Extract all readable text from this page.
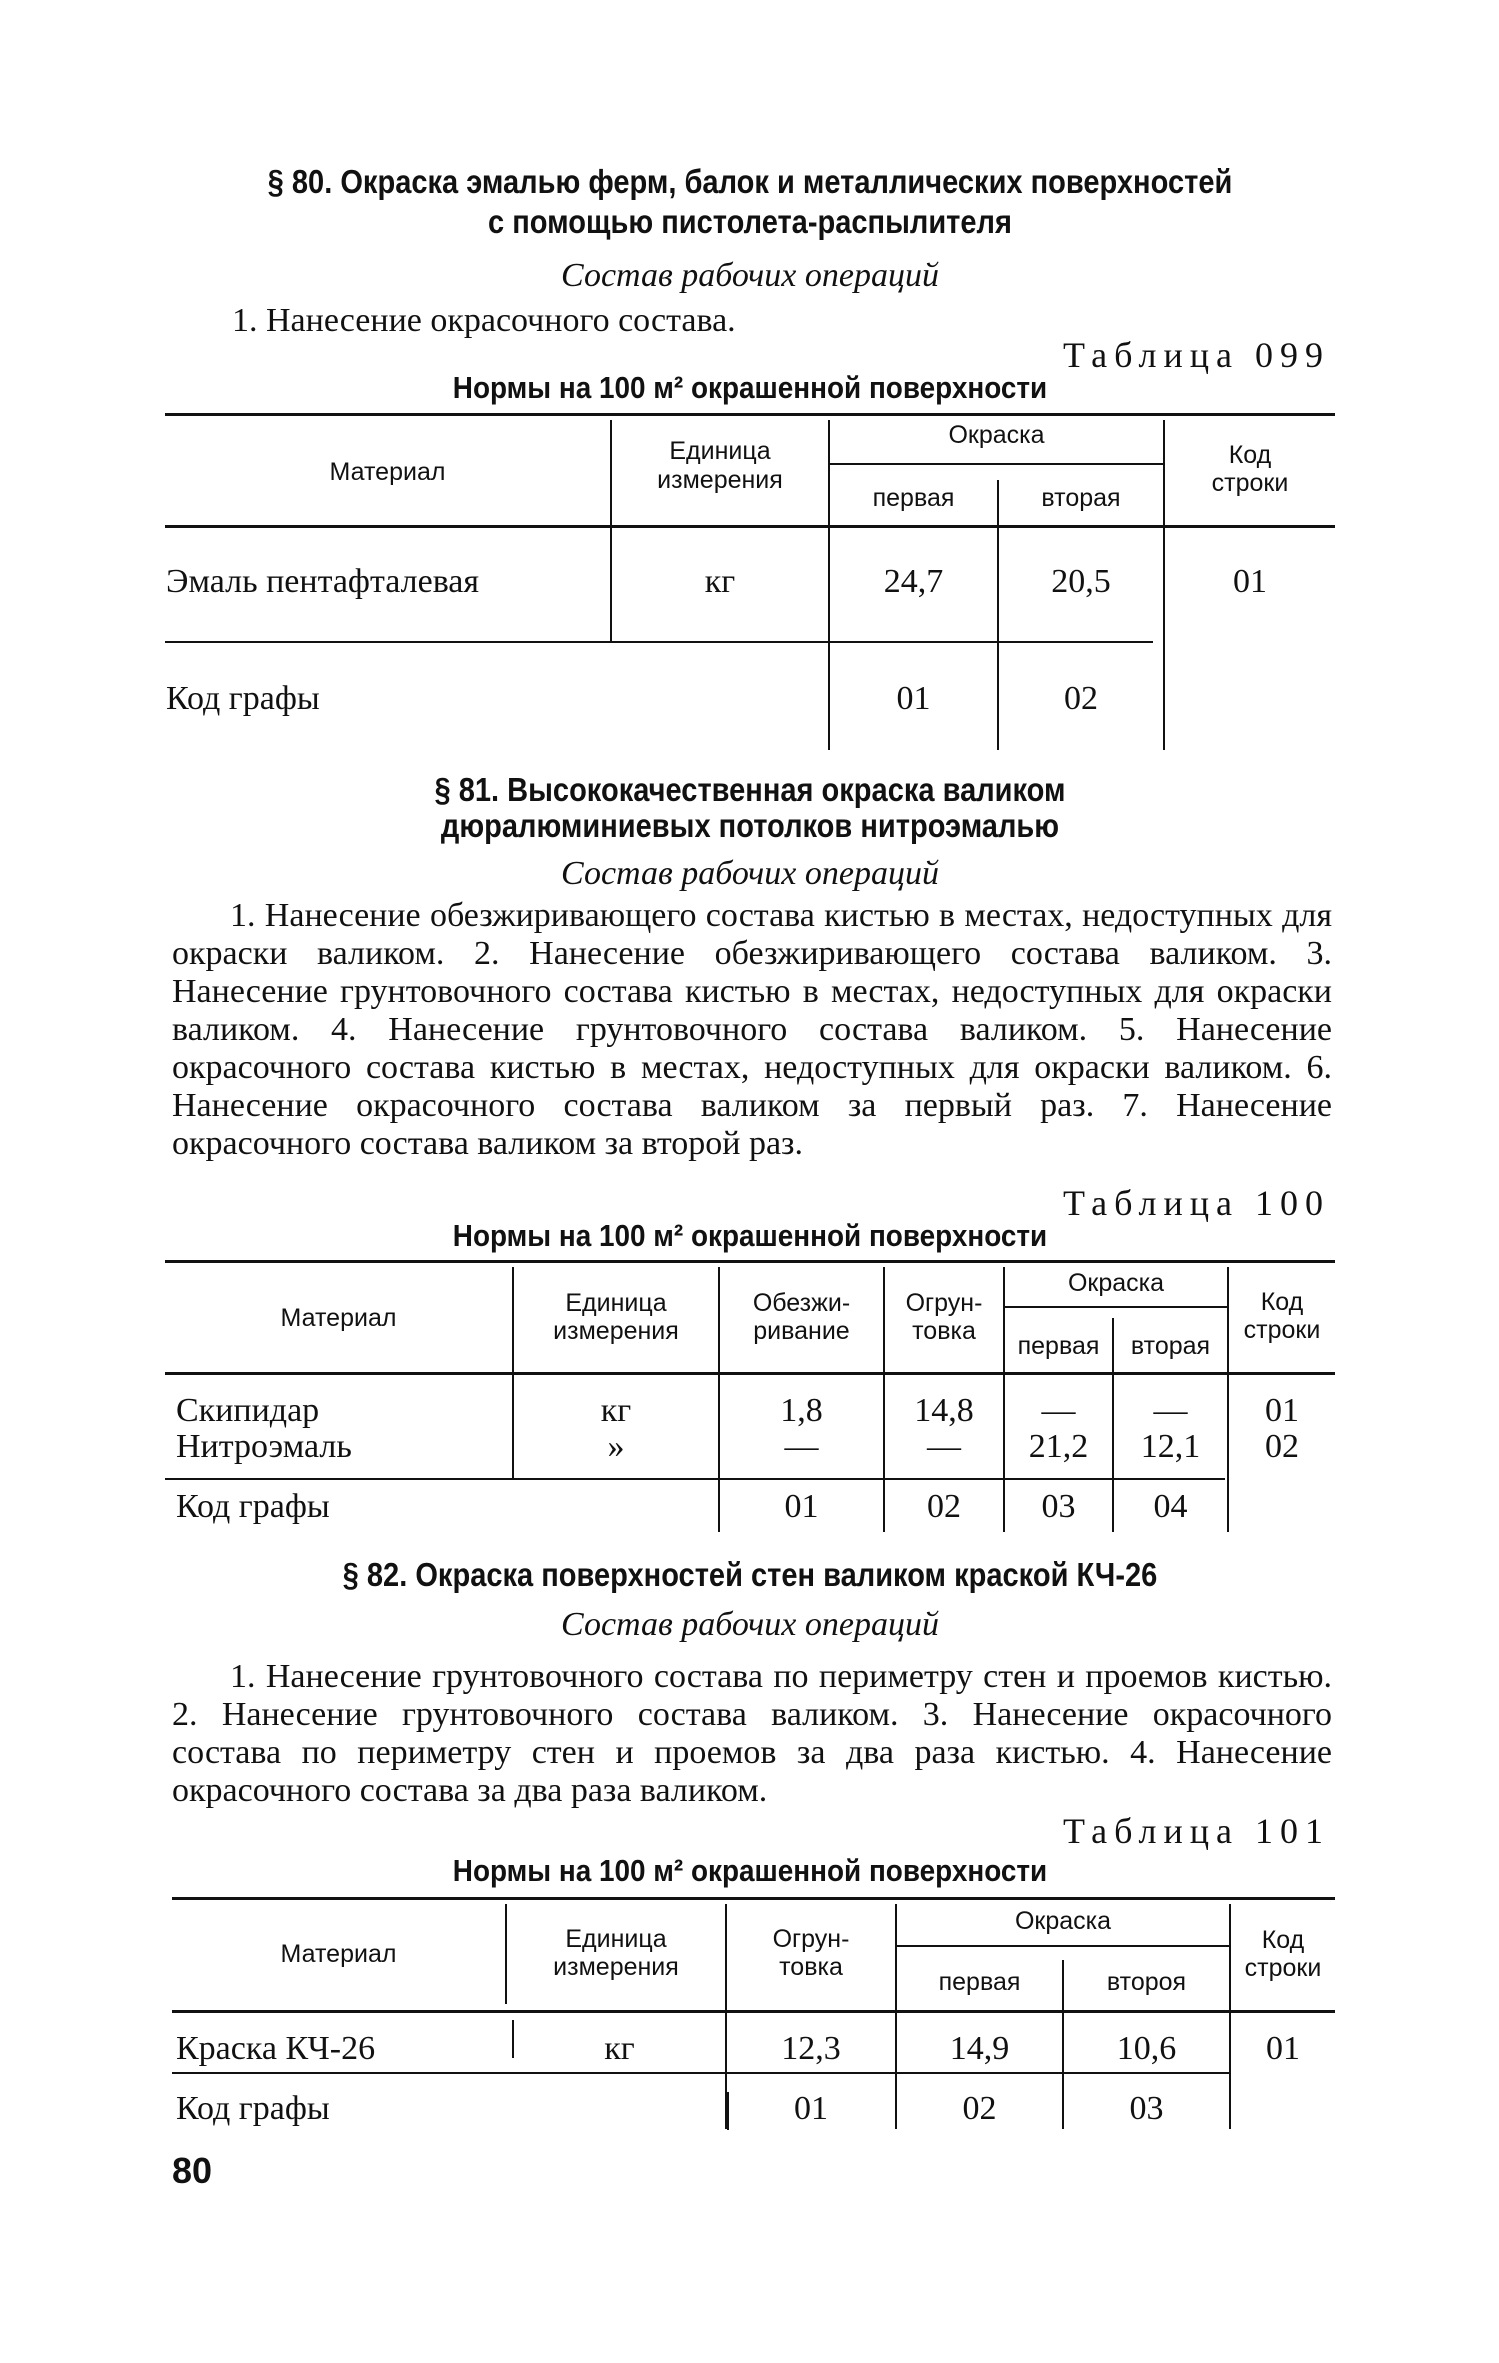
§ 80. Окраска эмалью ферм, балок и металлических поверхностей
с помощью пистолета-распылителя
Состав рабочих операций
1. Нанесение окрасочного состава.
Таблица 099
Нормы на 100 м² окрашенной поверхности
Материал
Единица
измерения
Окраска
первая	вторая
Код
строки
Эмаль пентафталевая	кг	24,7	20,5	01
Код графы	01	02
§ 81. Высококачественная окраска валиком
дюралюминиевых потолков нитроэмалью
Состав рабочих операций
1. Нанесение обезжиривающего состава кистью в местах, недоступных для окраски валиком. 2. Нанесение обезжиривающего состава валиком. 3. Нанесение грунтовочного состава кистью в местах, недоступных для окраски валиком. 4. Нанесение грунтовочного состава валиком. 5. Нанесение окрасочного состава кистью в местах, недоступных для окраски валиком. 6. Нанесение окрасочного состава валиком за первый раз. 7. Нанесение окрасочного состава валиком за второй раз.
Таблица 100
Нормы на 100 м² окрашенной поверхности
Материал
Единица
измерения
Обезжи-
ривание
Огрун-
товка
Окраска
первая	вторая
Код
строки
Скипидар	кг	1,8	14,8	—	—	01
Нитроэмаль	»	—	—	21,2	12,1	02
Код графы	01	02	03	04
§ 82. Окраска поверхностей стен валиком краской КЧ-26
Состав рабочих операций
1. Нанесение грунтовочного состава по периметру стен и проемов кистью. 2. Нанесение грунтовочного состава валиком. 3. Нанесение окрасочного состава по периметру стен и проемов за два раза кистью. 4. Нанесение окрасочного состава за два раза валиком.
Таблица 101
Нормы на 100 м² окрашенной поверхности
Материал
Единица
измерения
Огрун-
товка
Окраска
первая	второя
Код
строки
Краска КЧ-26	кг	12,3	14,9	10,6	01
Код графы	01	02	03
80
